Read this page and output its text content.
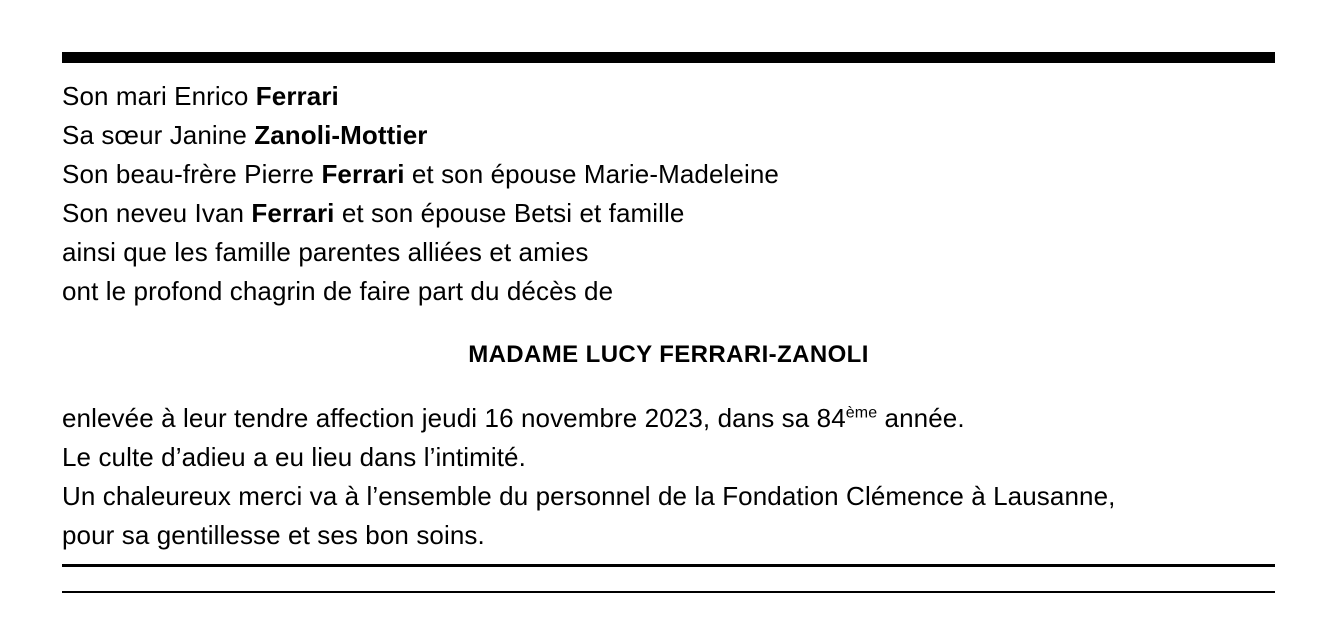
Son mari Enrico Ferrari
Sa sœur Janine Zanoli-Mottier
Son beau-frère Pierre Ferrari et son épouse Marie-Madeleine
Son neveu Ivan Ferrari et son épouse Betsi et famille
ainsi que les famille parentes alliées et amies
ont le profond chagrin de faire part du décès de
MADAME LUCY FERRARI-ZANOLI
enlevée à leur tendre affection jeudi 16 novembre 2023, dans sa 84ème année.
Le culte d’adieu a eu lieu dans l’intimité.
Un chaleureux merci va à l’ensemble du personnel de la Fondation Clémence à Lausanne,
pour sa gentillesse et ses bon soins.
